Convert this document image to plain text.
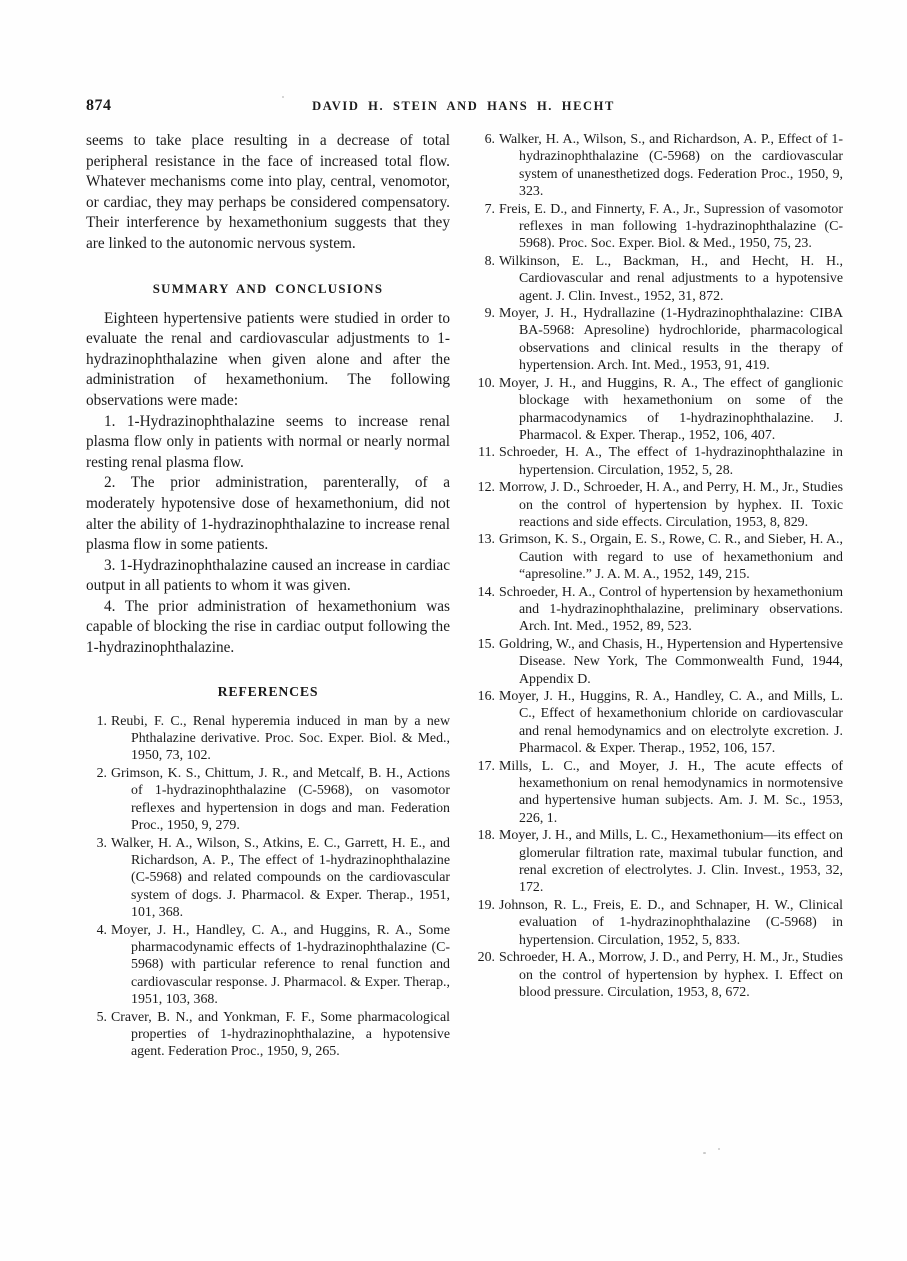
874	DAVID H. STEIN AND HANS H. HECHT

seems to take place resulting in a decrease of total peripheral resistance in the face of increased total flow. Whatever mechanisms come into play, central, venomotor, or cardiac, they may perhaps be considered compensatory. Their interference by hexamethonium suggests that they are linked to the autonomic nervous system.

SUMMARY AND CONCLUSIONS

Eighteen hypertensive patients were studied in order to evaluate the renal and cardiovascular adjustments to 1-hydrazinophthalazine when given alone and after the administration of hexamethonium. The following observations were made:

1. 1-Hydrazinophthalazine seems to increase renal plasma flow only in patients with normal or nearly normal resting renal plasma flow.

2. The prior administration, parenterally, of a moderately hypotensive dose of hexamethonium, did not alter the ability of 1-hydrazinophthalazine to increase renal plasma flow in some patients.

3. 1-Hydrazinophthalazine caused an increase in cardiac output in all patients to whom it was given.

4. The prior administration of hexamethonium was capable of blocking the rise in cardiac output following the 1-hydrazinophthalazine.

REFERENCES
1. Reubi, F. C., Renal hyperemia induced in man by a new Phthalazine derivative. Proc. Soc. Exper. Biol. & Med., 1950, 73, 102.
2. Grimson, K. S., Chittum, J. R., and Metcalf, B. H., Actions of 1-hydrazinophthalazine (C-5968), on vasomotor reflexes and hypertension in dogs and man. Federation Proc., 1950, 9, 279.
3. Walker, H. A., Wilson, S., Atkins, E. C., Garrett, H. E., and Richardson, A. P., The effect of 1-hydrazinophthalazine (C-5968) and related compounds on the cardiovascular system of dogs. J. Pharmacol. & Exper. Therap., 1951, 101, 368.
4. Moyer, J. H., Handley, C. A., and Huggins, R. A., Some pharmacodynamic effects of 1-hydrazinophthalazine (C-5968) with particular reference to renal function and cardiovascular response. J. Pharmacol. & Exper. Therap., 1951, 103, 368.
5. Craver, B. N., and Yonkman, F. F., Some pharmacological properties of 1-hydrazinophthalazine, a hypotensive agent. Federation Proc., 1950, 9, 265.
6. Walker, H. A., Wilson, S., and Richardson, A. P., Effect of 1-hydrazinophthalazine (C-5968) on the cardiovascular system of unanesthetized dogs. Federation Proc., 1950, 9, 323.
7. Freis, E. D., and Finnerty, F. A., Jr., Supression of vasomotor reflexes in man following 1-hydrazinophthalazine (C-5968). Proc. Soc. Exper. Biol. & Med., 1950, 75, 23.
8. Wilkinson, E. L., Backman, H., and Hecht, H. H., Cardiovascular and renal adjustments to a hypotensive agent. J. Clin. Invest., 1952, 31, 872.
9. Moyer, J. H., Hydrallazine (1-Hydrazinophthalazine: CIBA BA-5968: Apresoline) hydrochloride, pharmacological observations and clinical results in the therapy of hypertension. Arch. Int. Med., 1953, 91, 419.
10. Moyer, J. H., and Huggins, R. A., The effect of ganglionic blockage with hexamethonium on some of the pharmacodynamics of 1-hydrazinophthalazine. J. Pharmacol. & Exper. Therap., 1952, 106, 407.
11. Schroeder, H. A., The effect of 1-hydrazinophthalazine in hypertension. Circulation, 1952, 5, 28.
12. Morrow, J. D., Schroeder, H. A., and Perry, H. M., Jr., Studies on the control of hypertension by hyphex. II. Toxic reactions and side effects. Circulation, 1953, 8, 829.
13. Grimson, K. S., Orgain, E. S., Rowe, C. R., and Sieber, H. A., Caution with regard to use of hexamethonium and “apresoline.” J. A. M. A., 1952, 149, 215.
14. Schroeder, H. A., Control of hypertension by hexamethonium and 1-hydrazinophthalazine, preliminary observations. Arch. Int. Med., 1952, 89, 523.
15. Goldring, W., and Chasis, H., Hypertension and Hypertensive Disease. New York, The Commonwealth Fund, 1944, Appendix D.
16. Moyer, J. H., Huggins, R. A., Handley, C. A., and Mills, L. C., Effect of hexamethonium chloride on cardiovascular and renal hemodynamics and on electrolyte excretion. J. Pharmacol. & Exper. Therap., 1952, 106, 157.
17. Mills, L. C., and Moyer, J. H., The acute effects of hexamethonium on renal hemodynamics in normotensive and hypertensive human subjects. Am. J. M. Sc., 1953, 226, 1.
18. Moyer, J. H., and Mills, L. C., Hexamethonium—its effect on glomerular filtration rate, maximal tubular function, and renal excretion of electrolytes. J. Clin. Invest., 1953, 32, 172.
19. Johnson, R. L., Freis, E. D., and Schnaper, H. W., Clinical evaluation of 1-hydrazinophthalazine (C-5968) in hypertension. Circulation, 1952, 5, 833.
20. Schroeder, H. A., Morrow, J. D., and Perry, H. M., Jr., Studies on the control of hypertension by hyphex. I. Effect on blood pressure. Circulation, 1953, 8, 672.
